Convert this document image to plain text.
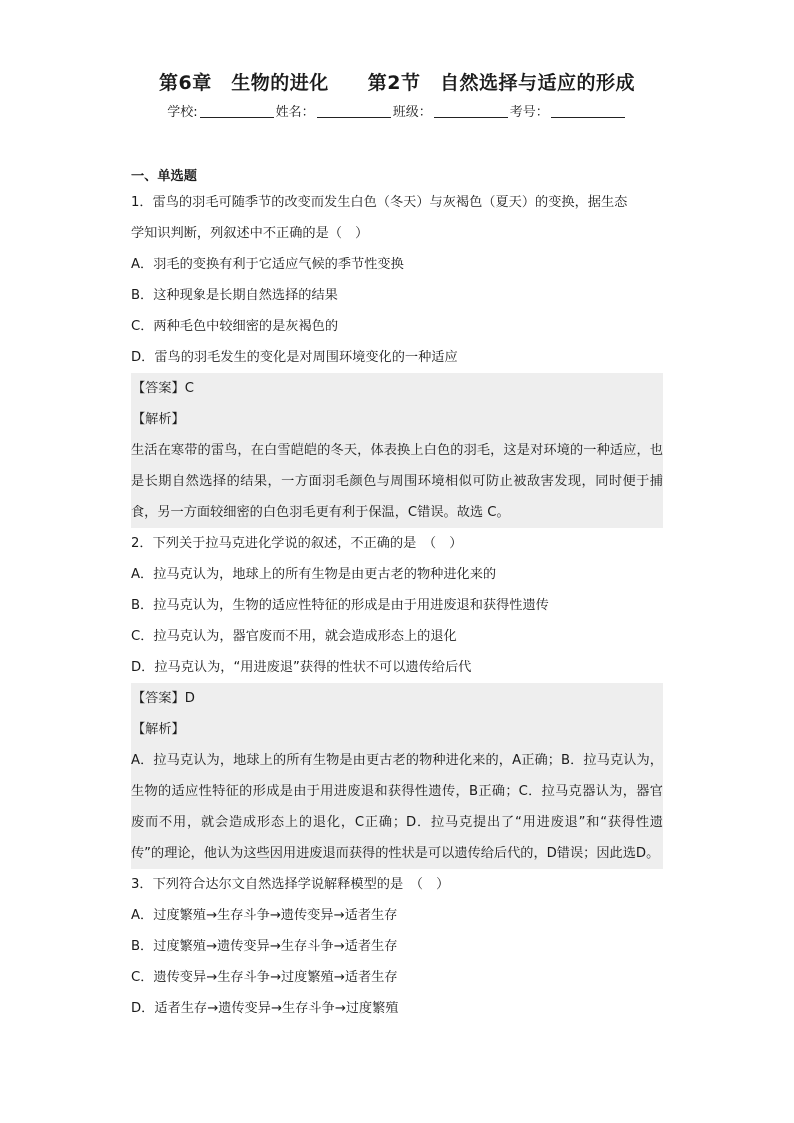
第6章　生物的进化　　第2节　自然选择与适应的形成
学校:	姓名：	班级：	考号：
一、单选题
1．雷鸟的羽毛可随季节的改变而发生白色（冬天）与灰褐色（夏天）的变换，据生态
学知识判断，列叙述中不正确的是（　）
A．羽毛的变换有利于它适应气候的季节性变换
B．这种现象是长期自然选择的结果
C．两种毛色中较细密的是灰褐色的
D．雷鸟的羽毛发生的变化是对周围环境变化的一种适应
【答案】C
【解析】

生活在寒带的雷鸟，在白雪皑皑的冬天，体表换上白色的羽毛，这是对环境的一种适应，也是长期自然选择的结果，一方面羽毛颜色与周围环境相似可防止被敌害发现，同时便于捕食，另一方面较细密的白色羽毛更有利于保温，C错误。故选 C。

2．下列关于拉马克进化学说的叙述，不正确的是　（　）
A．拉马克认为，地球上的所有生物是由更古老的物种进化来的
B．拉马克认为，生物的适应性特征的形成是由于用进废退和获得性遗传
C．拉马克认为，器官废而不用，就会造成形态上的退化
D．拉马克认为，“用进废退”获得的性状不可以遗传给后代
【答案】D
【解析】

A．拉马克认为，地球上的所有生物是由更古老的物种进化来的，A正确；B．拉马克认为，生物的适应性特征的形成是由于用进废退和获得性遗传，B正确；C．拉马克器认为，器官废而不用，就会造成形态上的退化，C正确；D．拉马克提出了“用进废退”和“获得性遗传”的理论，他认为这些因用进废退而获得的性状是可以遗传给后代的，D错误；因此选D。

3．下列符合达尔文自然选择学说解释模型的是　（　）
A．过度繁殖→生存斗争→遗传变异→适者生存
B．过度繁殖→遗传变异→生存斗争→适者生存
C．遗传变异→生存斗争→过度繁殖→适者生存
D．适者生存→遗传变异→生存斗争→过度繁殖
